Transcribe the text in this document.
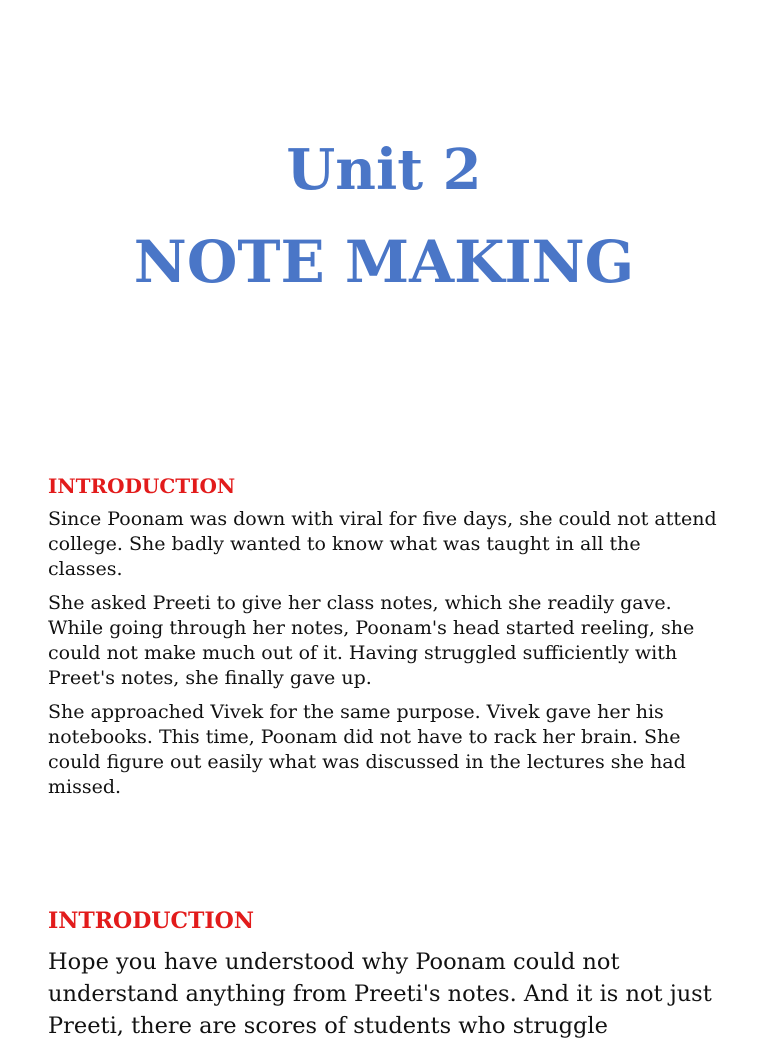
Unit 2
NOTE MAKING
INTRODUCTION

Since Poonam was down with viral for five days, she could not attend college. She badly wanted to know what was taught in all the classes.

She asked Preeti to give her class notes, which she readily gave. While going through her notes, Poonam's head started reeling, she could not make much out of it. Having struggled sufficiently with Preet's notes, she finally gave up.

She approached Vivek for the same purpose. Vivek gave her his notebooks. This time, Poonam did not have to rack her brain. She could figure out easily what was discussed in the lectures she had missed.

INTRODUCTION

Hope you have understood why Poonam could not understand anything from Preeti's notes. And it is not just Preeti, there are scores of students who struggle
